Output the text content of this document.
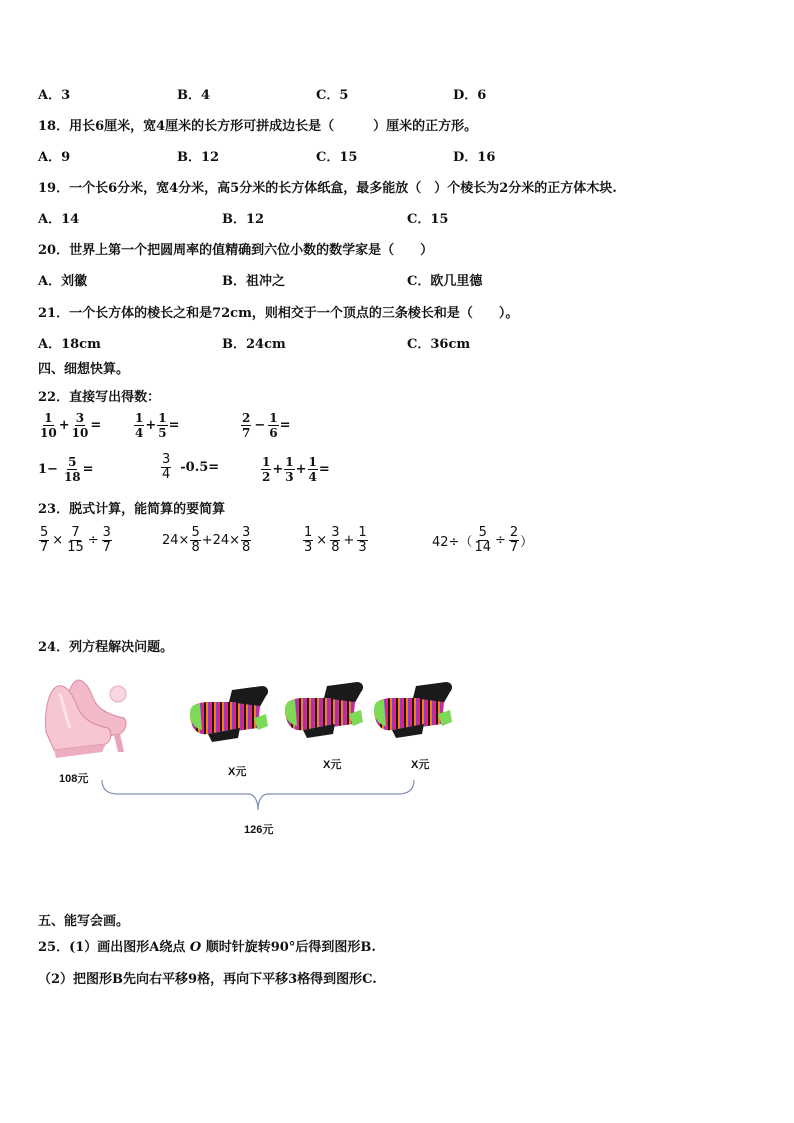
A．3	B．4	C．5	D．6
18．用长6厘米，宽4厘米的长方形可拼成边长是（　　　）厘米的正方形。
A．9	B．12	C．15	D．16
19．一个长6分米，宽4分米，高5分米的长方体纸盒，最多能放（　）个棱长为2分米的正方体木块.
A．14	B．12	C．15
20．世界上第一个把圆周率的值精确到六位小数的数学家是（　　）
A．刘徽	B．祖冲之	C．欧几里德
21．一个长方体的棱长之和是72cm，则相交于一个顶点的三条棱长和是（　　）。
A．18cm	B．24cm	C．36cm
四、细想快算。
22．直接写出得数：
$\frac{1}{10} + \frac{3}{10}$ =	$\frac{1}{4} + \frac{1}{5}$ =	$\frac{2}{7} - \frac{1}{6}$ =
$1- \frac{5}{18}$ =	$\frac{3}{4} -0.5=$	$\frac{1}{2} + \frac{1}{3} + \frac{1}{4}$ =
23．脱式计算，能简算的要简算
$\frac{5}{7} \times \frac{7}{15} \div \frac{3}{7}$	$24\times \frac{5}{8} +24\times \frac{3}{8}$	$\frac{1}{3} \times \frac{3}{8} + \frac{1}{3}$	$42\div( \frac{5}{14} \div \frac{2}{7}$ ）
24．列方程解决问题。
108元
X元
X元	X元
126元
五、能写会画。
25．(1）画出图形A绕点 O 顺时针旋转90°后得到图形B.
（2）把图形B先向右平移9格，再向下平移3格得到图形C.
